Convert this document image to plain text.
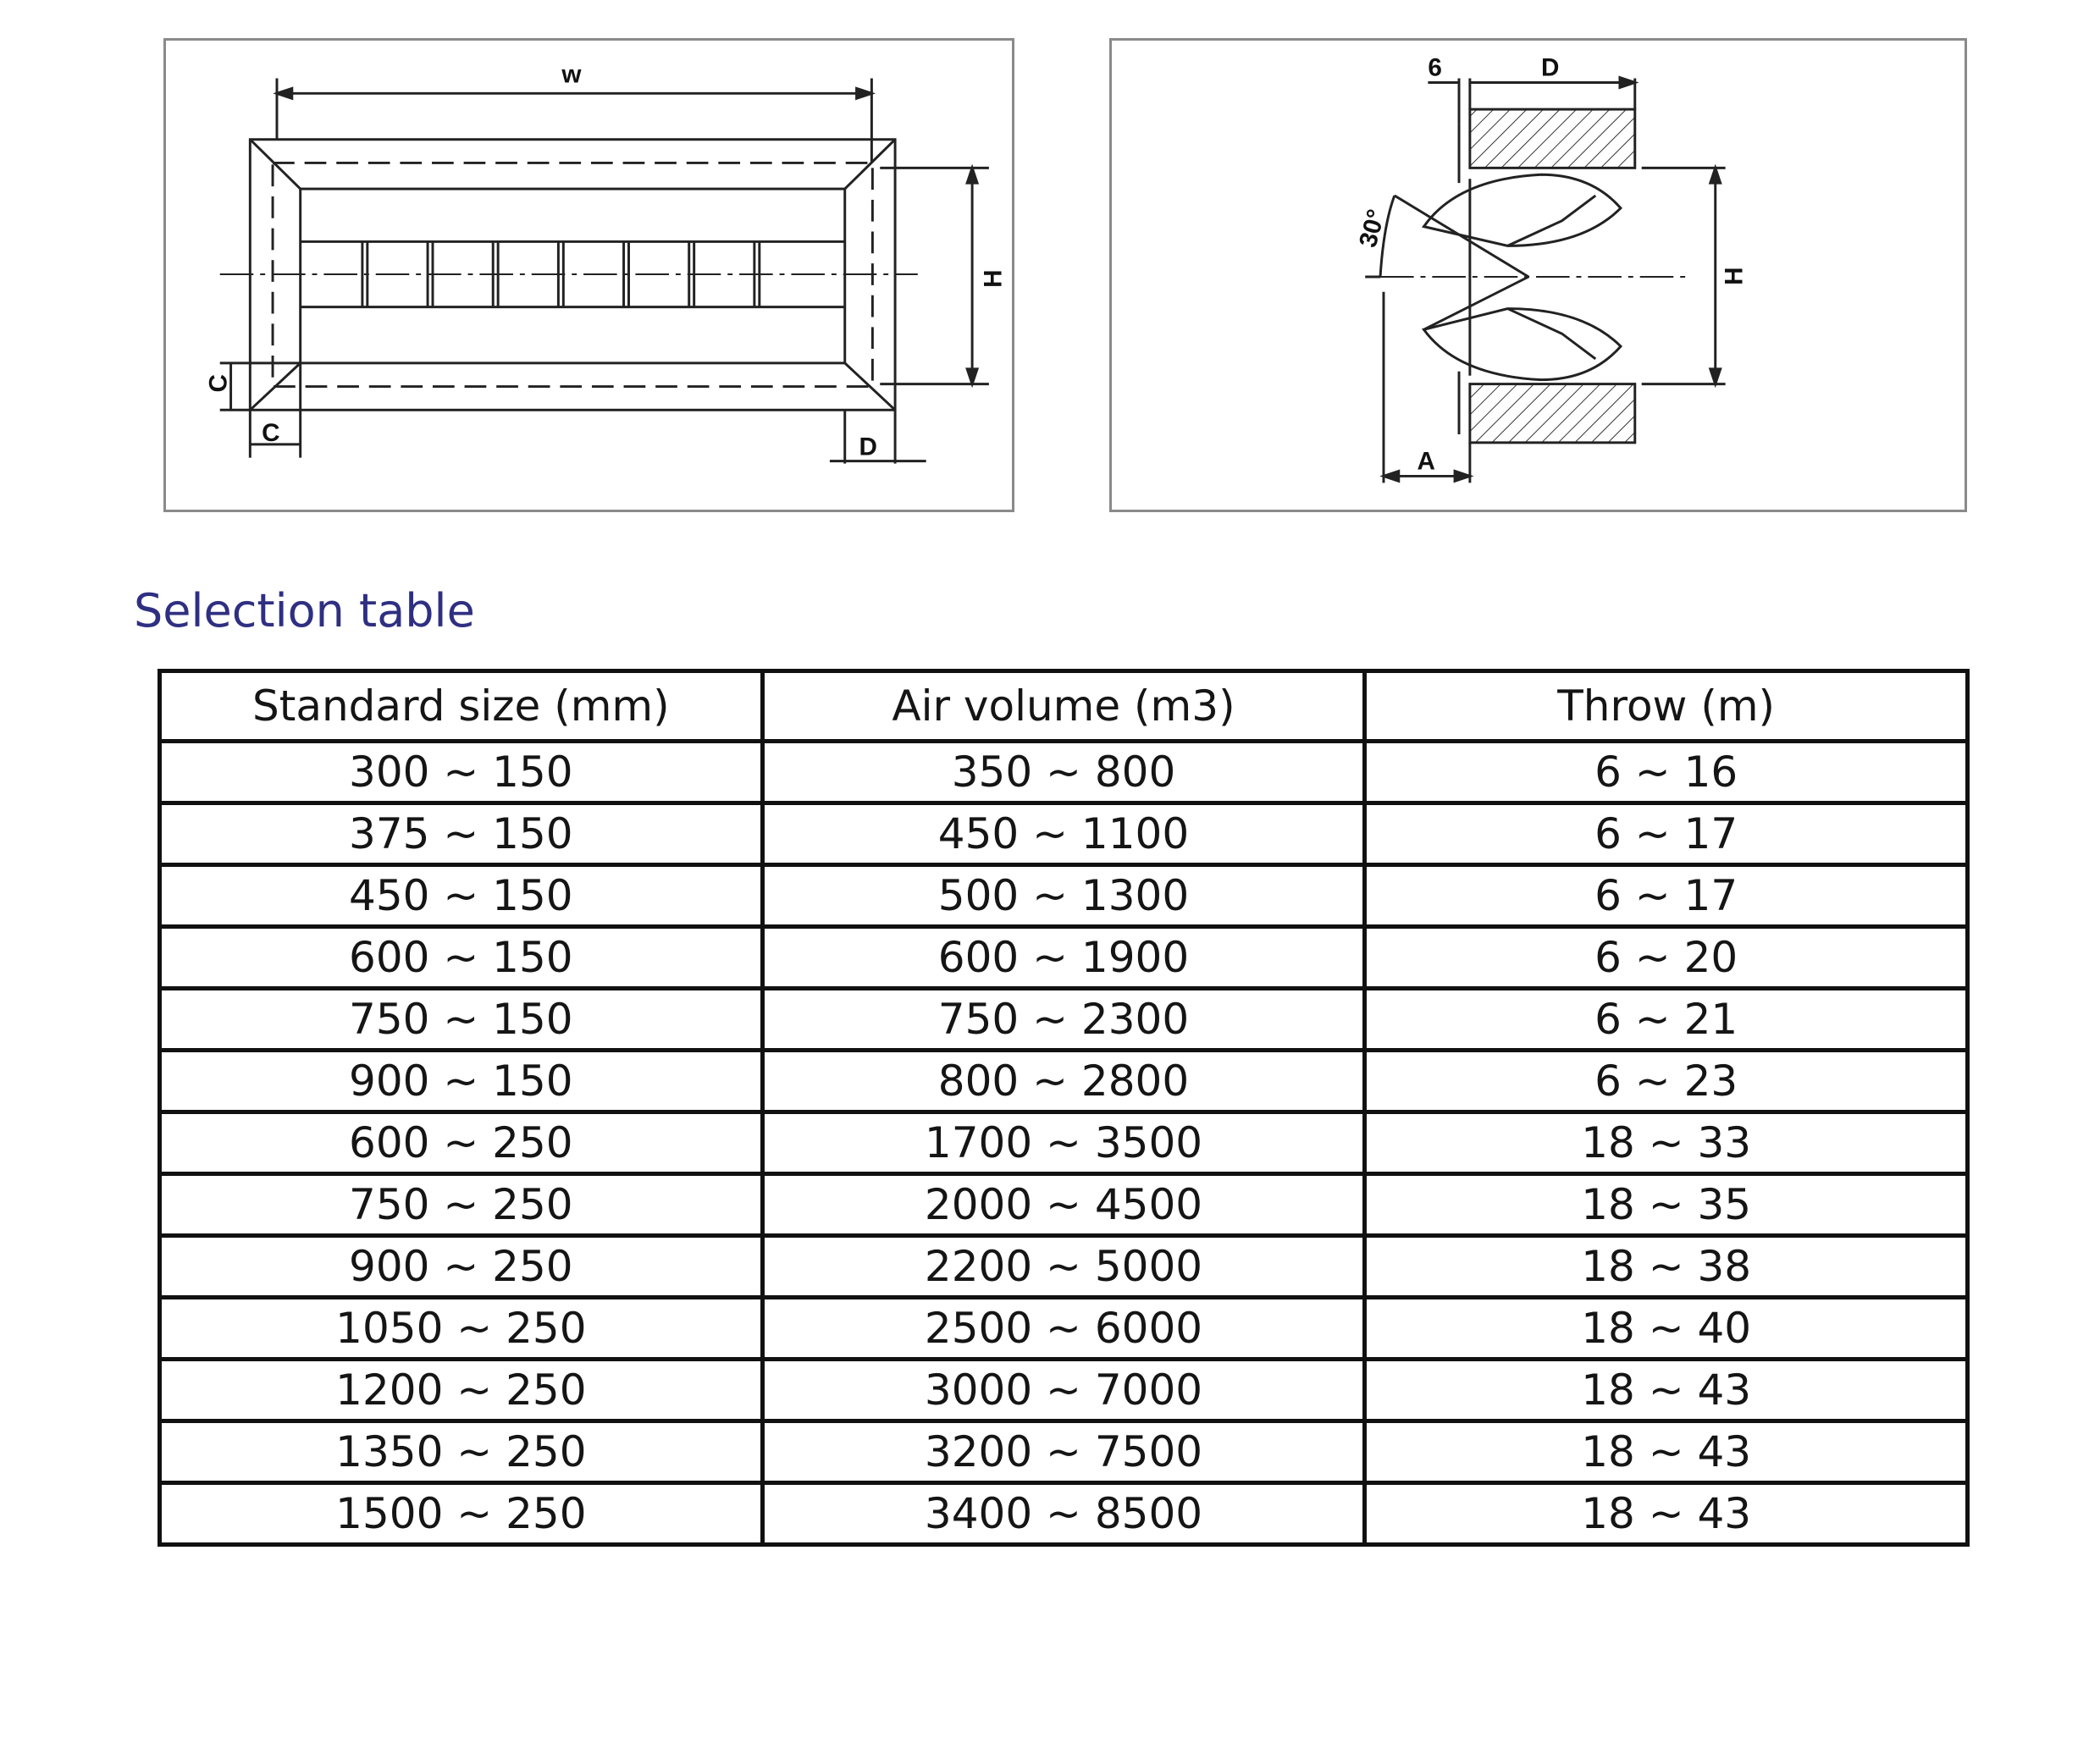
w
H
C
C
D
6	D
30°
H
A
Selection table
Standard size (mm)	Air volume (m3)	Throw (m)
300 ~ 150	350 ~ 800	6 ~ 16
375 ~ 150	450 ~ 1100	6 ~ 17
450 ~ 150	500 ~ 1300	6 ~ 17
600 ~ 150	600 ~ 1900	6 ~ 20
750 ~ 150	750 ~ 2300	6 ~ 21
900 ~ 150	800 ~ 2800	6 ~ 23
600 ~ 250	1700 ~ 3500	18 ~ 33
750 ~ 250	2000 ~ 4500	18 ~ 35
900 ~ 250	2200 ~ 5000	18 ~ 38
1050 ~ 250	2500 ~ 6000	18 ~ 40
1200 ~ 250	3000 ~ 7000	18 ~ 43
1350 ~ 250	3200 ~ 7500	18 ~ 43
1500 ~ 250	3400 ~ 8500	18 ~ 43
